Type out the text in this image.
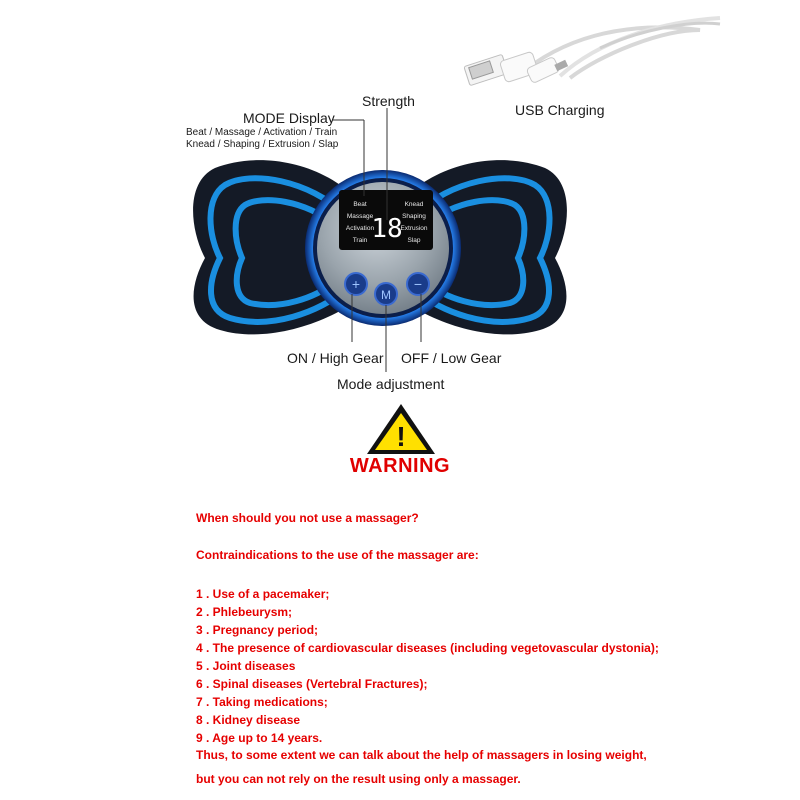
+
M
−
Beat
Massage
Activation
Train
Knead
Shaping
Extrusion
Slap
18
!
MODE Display
Beat / Massage / Activation / Train
Knead / Shaping / Extrusion / Slap
Strength
USB Charging
ON / High Gear OFF / Low Gear
Mode adjustment
WARNING
When should you not use a massager?
Contraindications to the use of the massager are:
1 . Use of a pacemaker;
2 . Phlebeurysm;
3 . Pregnancy period;
4 . The presence of cardiovascular diseases (including vegetovascular dystonia);
5 . Joint diseases
6 . Spinal diseases (Vertebral Fractures);
7 . Taking medications;
8 . Kidney disease
9 . Age up to 14 years.
Thus, to some extent we can talk about the help of massagers in losing weight,
but you can not rely on the result using only a massager.
